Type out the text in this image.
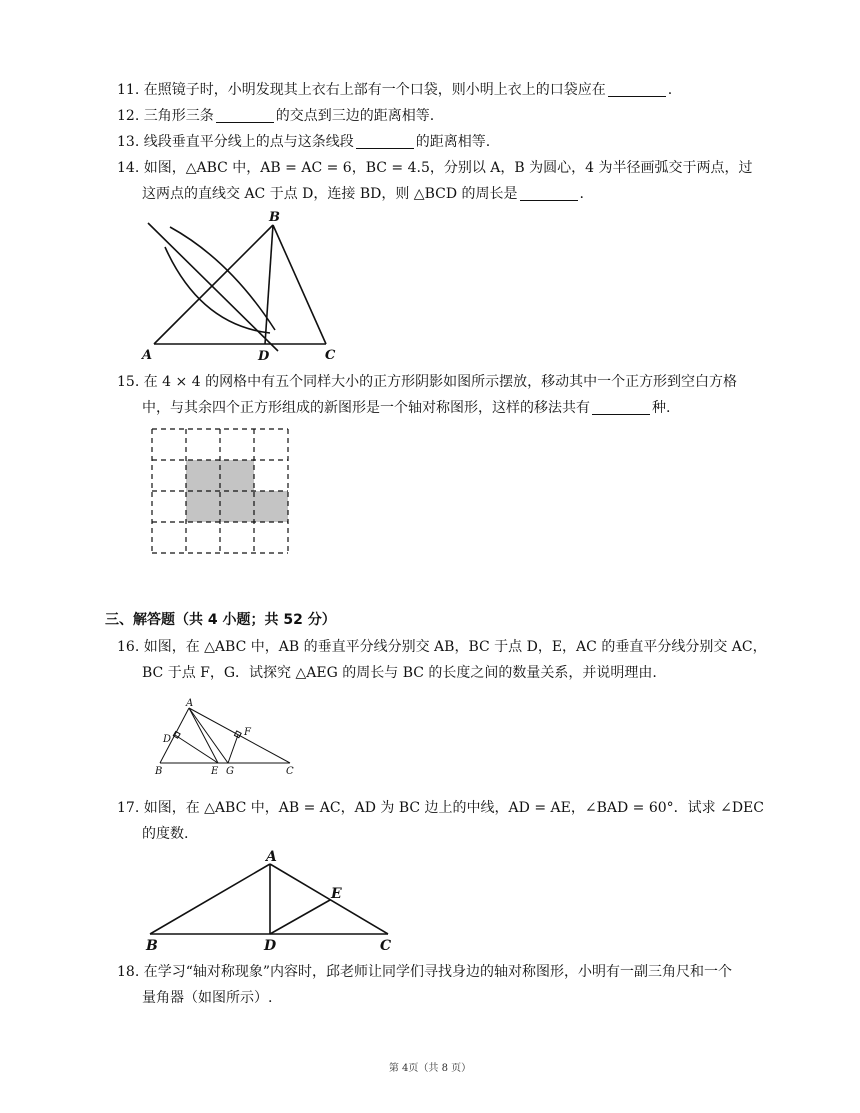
11. 在照镜子时，小明发现其上衣右上部有一个口袋，则小明上衣上的口袋应在	.
12. 三角形三条	的交点到三边的距离相等.
13. 线段垂直平分线上的点与这条线段	的距离相等.
14. 如图，△ABC 中，AB = AC = 6，BC = 4.5，分别以 A，B 为圆心，4 为半径画弧交于两点，过
这两点的直线交 AC 于点 D，连接 BD，则 △BCD 的周长是	.
A
B
C
D
15. 在 4 × 4 的网格中有五个同样大小的正方形阴影如图所示摆放，移动其中一个正方形到空白方格
中，与其余四个正方形组成的新图形是一个轴对称图形，这样的移法共有	种.
三、解答题（共 4 小题；共 52 分）
16. 如图，在 △ABC 中，AB 的垂直平分线分别交 AB，BC 于点 D，E，AC 的垂直平分线分别交 AC，
BC 于点 F，G．试探究 △AEG 的周长与 BC 的长度之间的数量关系，并说明理由.
A
B	C
D
E
F
G
17. 如图，在 △ABC 中，AB = AC，AD 为 BC 边上的中线，AD = AE，∠BAD = 60°．试求 ∠DEC
的度数.
A
B	C
D
E
18. 在学习“轴对称现象”内容时，邱老师让同学们寻找身边的轴对称图形，小明有一副三角尺和一个
量角器（如图所示）.
第 4页（共 8 页）
